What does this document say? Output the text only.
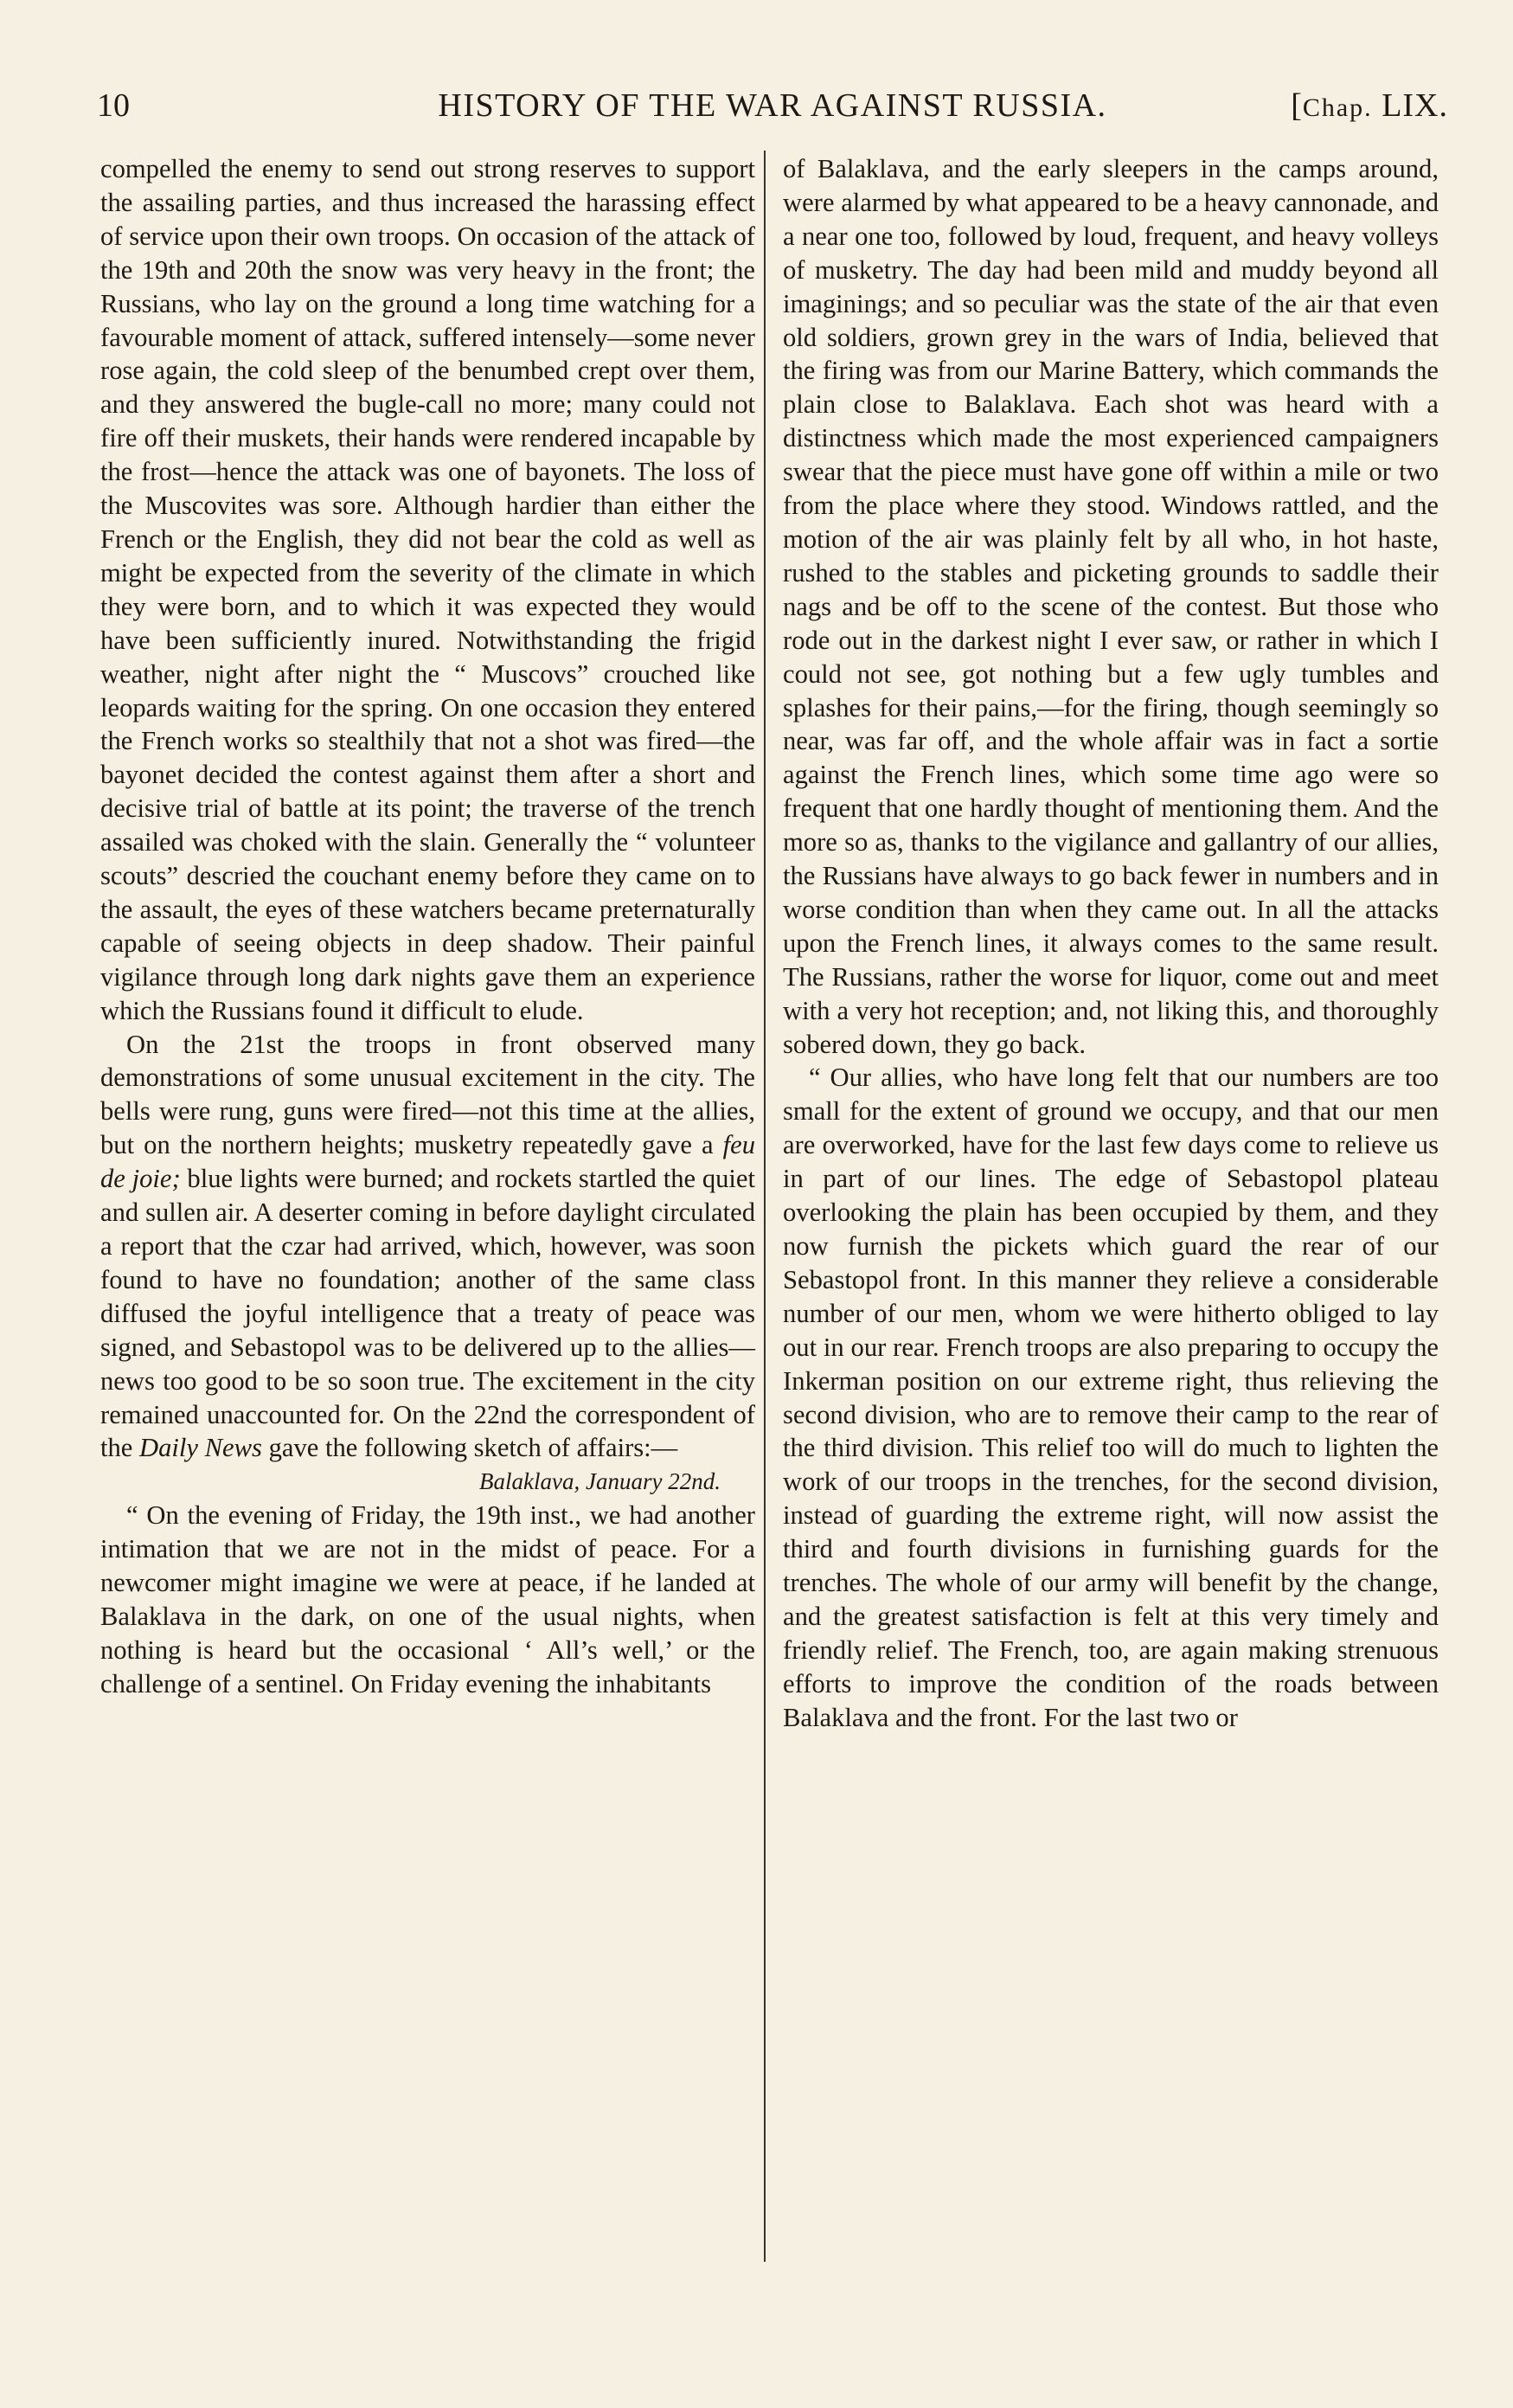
10	HISTORY OF THE WAR AGAINST RUSSIA.	[Chap. LIX.

compelled the enemy to send out strong reserves to support the assailing parties, and thus increased the harassing effect of service upon their own troops. On occasion of the attack of the 19th and 20th the snow was very heavy in the front; the Russians, who lay on the ground a long time watching for a favourable moment of attack, suffered intensely—some never rose again, the cold sleep of the benumbed crept over them, and they answered the bugle-call no more; many could not fire off their muskets, their hands were rendered incapable by the frost—hence the attack was one of bayonets. The loss of the Muscovites was sore. Although hardier than either the French or the English, they did not bear the cold as well as might be expected from the severity of the climate in which they were born, and to which it was expected they would have been sufficiently inured. Notwithstanding the frigid weather, night after night the “ Muscovs” crouched like leopards waiting for the spring. On one occasion they entered the French works so stealthily that not a shot was fired—the bayonet decided the contest against them after a short and decisive trial of battle at its point; the traverse of the trench assailed was choked with the slain. Generally the “ volunteer scouts” descried the couchant enemy before they came on to the assault, the eyes of these watchers became preternaturally capable of seeing objects in deep shadow. Their painful vigilance through long dark nights gave them an experience which the Russians found it difficult to elude.

On the 21st the troops in front observed many demonstrations of some unusual excitement in the city. The bells were rung, guns were fired—not this time at the allies, but on the northern heights; musketry repeatedly gave a feu de joie; blue lights were burned; and rockets startled the quiet and sullen air. A deserter coming in before daylight circulated a report that the czar had arrived, which, however, was soon found to have no foundation; another of the same class diffused the joyful intelligence that a treaty of peace was signed, and Sebastopol was to be delivered up to the allies—news too good to be so soon true. The excitement in the city remained unaccounted for. On the 22nd the correspondent of the Daily News gave the following sketch of affairs:—

Balaklava, January 22nd.

“ On the evening of Friday, the 19th inst., we had another intimation that we are not in the midst of peace. For a newcomer might imagine we were at peace, if he landed at Balaklava in the dark, on one of the usual nights, when nothing is heard but the occasional ‘ All’s well,’ or the challenge of a sentinel. On Friday evening the inhabitants

of Balaklava, and the early sleepers in the camps around, were alarmed by what appeared to be a heavy cannonade, and a near one too, followed by loud, frequent, and heavy volleys of musketry. The day had been mild and muddy beyond all imaginings; and so peculiar was the state of the air that even old soldiers, grown grey in the wars of India, believed that the firing was from our Marine Battery, which commands the plain close to Balaklava. Each shot was heard with a distinctness which made the most experienced campaigners swear that the piece must have gone off within a mile or two from the place where they stood. Windows rattled, and the motion of the air was plainly felt by all who, in hot haste, rushed to the stables and picketing grounds to saddle their nags and be off to the scene of the contest. But those who rode out in the darkest night I ever saw, or rather in which I could not see, got nothing but a few ugly tumbles and splashes for their pains,—for the firing, though seemingly so near, was far off, and the whole affair was in fact a sortie against the French lines, which some time ago were so frequent that one hardly thought of mentioning them. And the more so as, thanks to the vigilance and gallantry of our allies, the Russians have always to go back fewer in numbers and in worse condition than when they came out. In all the attacks upon the French lines, it always comes to the same result. The Russians, rather the worse for liquor, come out and meet with a very hot reception; and, not liking this, and thoroughly sobered down, they go back.

“ Our allies, who have long felt that our numbers are too small for the extent of ground we occupy, and that our men are overworked, have for the last few days come to relieve us in part of our lines. The edge of Sebastopol plateau overlooking the plain has been occupied by them, and they now furnish the pickets which guard the rear of our Sebastopol front. In this manner they relieve a considerable number of our men, whom we were hitherto obliged to lay out in our rear. French troops are also preparing to occupy the Inkerman position on our extreme right, thus relieving the second division, who are to remove their camp to the rear of the third division. This relief too will do much to lighten the work of our troops in the trenches, for the second division, instead of guarding the extreme right, will now assist the third and fourth divisions in furnishing guards for the trenches. The whole of our army will benefit by the change, and the greatest satisfaction is felt at this very timely and friendly relief. The French, too, are again making strenuous efforts to improve the condition of the roads between Balaklava and the front. For the last two or
